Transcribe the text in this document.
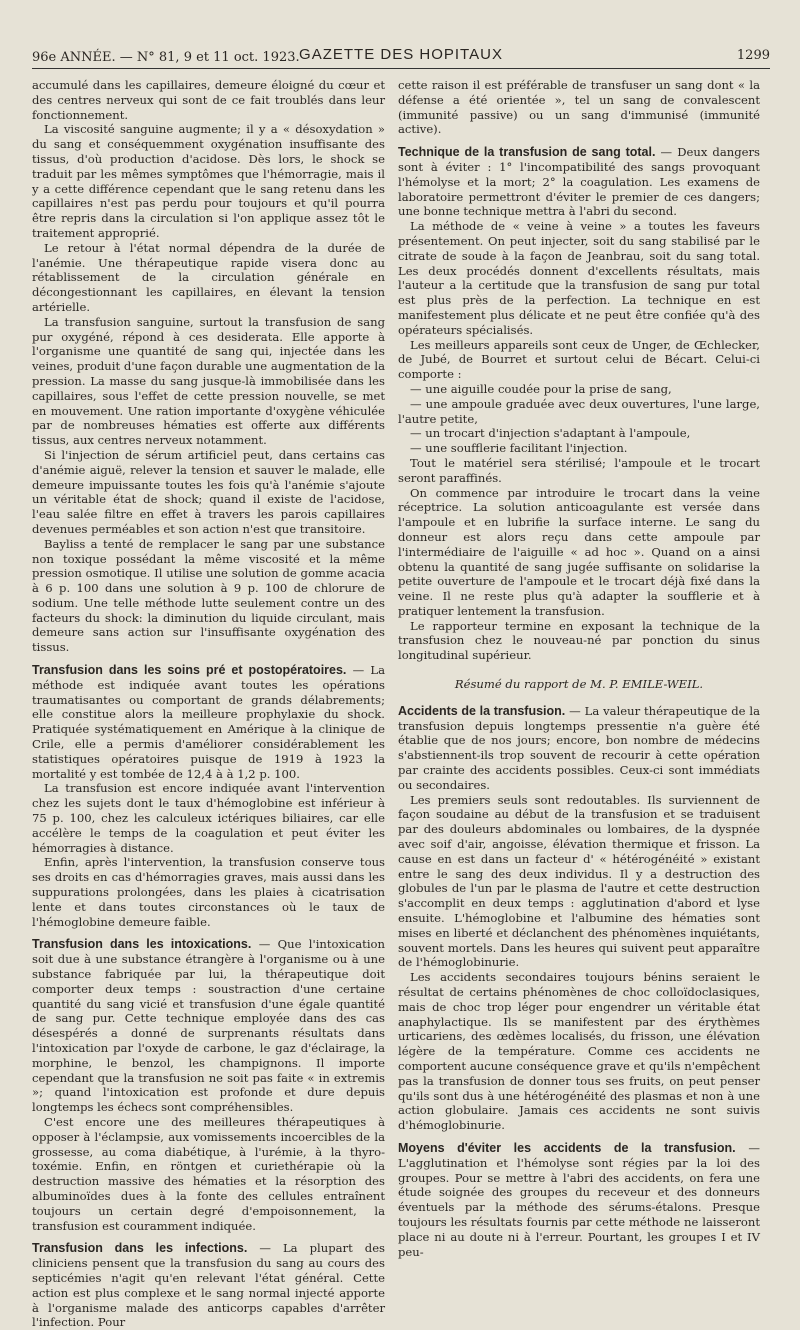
96e ANNÉE. — N° 81, 9 et 11 oct. 1923. GAZETTE DES HOPITAUX	1299

accumulé dans les capillaires, demeure éloigné du cœur et des centres nerveux qui sont de ce fait troublés dans leur fonctionnement.

La viscosité sanguine augmente; il y a « désoxydation » du sang et conséquemment oxygénation insuffisante des tissus, d'où production d'acidose. Dès lors, le shock se traduit par les mêmes symptômes que l'hémorragie, mais il y a cette différence cependant que le sang retenu dans les capillaires n'est pas perdu pour toujours et qu'il pourra être repris dans la circulation si l'on applique assez tôt le traitement approprié.

Le retour à l'état normal dépendra de la durée de l'anémie. Une thérapeutique rapide visera donc au rétablissement de la circulation générale en décongestionnant les capillaires, en élevant la tension artérielle.

La transfusion sanguine, surtout la transfusion de sang pur oxygéné, répond à ces desiderata. Elle apporte à l'organisme une quantité de sang qui, injectée dans les veines, produit d'une façon durable une augmentation de la pression. La masse du sang jusque-là immobilisée dans les capillaires, sous l'effet de cette pression nouvelle, se met en mouvement. Une ration importante d'oxygène véhiculée par de nombreuses hématies est offerte aux différents tissus, aux centres nerveux notamment.

Si l'injection de sérum artificiel peut, dans certains cas d'anémie aiguë, relever la tension et sauver le malade, elle demeure impuissante toutes les fois qu'à l'anémie s'ajoute un véritable état de shock; quand il existe de l'acidose, l'eau salée filtre en effet à travers les parois capillaires devenues perméables et son action n'est que transitoire.

Bayliss a tenté de remplacer le sang par une substance non toxique possédant la même viscosité et la même pression osmotique. Il utilise une solution de gomme acacia à 6 p. 100 dans une solution à 9 p. 100 de chlorure de sodium. Une telle méthode lutte seulement contre un des facteurs du shock: la diminution du liquide circulant, mais demeure sans action sur l'insuffisante oxygénation des tissus.

Transfusion dans les soins pré et postopératoires. — La méthode est indiquée avant toutes les opérations traumatisantes ou comportant de grands délabrements; elle constitue alors la meilleure prophylaxie du shock. Pratiquée systématiquement en Amérique à la clinique de Crile, elle a permis d'améliorer considérablement les statistiques opératoires puisque de 1919 à 1923 la mortalité y est tombée de 12,4 à à 1,2 p. 100.

La transfusion est encore indiquée avant l'intervention chez les sujets dont le taux d'hémoglobine est inférieur à 75 p. 100, chez les calculeux ictériques biliaires, car elle accélère le temps de la coagulation et peut éviter les hémorragies à distance.

Enfin, après l'intervention, la transfusion conserve tous ses droits en cas d'hémorragies graves, mais aussi dans les suppurations prolongées, dans les plaies à cicatrisation lente et dans toutes circonstances où le taux de l'hémoglobine demeure faible.

Transfusion dans les intoxications. — Que l'intoxication soit due à une substance étrangère à l'organisme ou à une substance fabriquée par lui, la thérapeutique doit comporter deux temps : soustraction d'une certaine quantité du sang vicié et transfusion d'une égale quantité de sang pur. Cette technique employée dans des cas désespérés a donné de surprenants résultats dans l'intoxication par l'oxyde de carbone, le gaz d'éclairage, la morphine, le benzol, les champignons. Il importe cependant que la transfusion ne soit pas faite « in extremis »; quand l'intoxication est profonde et dure depuis longtemps les échecs sont compréhensibles.

C'est encore une des meilleures thérapeutiques à opposer à l'éclampsie, aux vomissements incoercibles de la grossesse, au coma diabétique, à l'urémie, à la thyro-toxémie. Enfin, en röntgen et curiethérapie où la destruction massive des hématies et la résorption des albuminoïdes dues à la fonte des cellules entraînent toujours un certain degré d'empoisonnement, la transfusion est couramment indiquée.

Transfusion dans les infections. — La plupart des cliniciens pensent que la transfusion du sang au cours des septicémies n'agit qu'en relevant l'état général. Cette action est plus complexe et le sang normal injecté apporte à l'organisme malade des anticorps capables d'arrêter l'infection. Pour

cette raison il est préférable de transfuser un sang dont « la défense a été orientée », tel un sang de convalescent (immunité passive) ou un sang d'immunisé (immunité active).

Technique de la transfusion de sang total. — Deux dangers sont à éviter : 1° l'incompatibilité des sangs provoquant l'hémolyse et la mort; 2° la coagulation. Les examens de laboratoire permettront d'éviter le premier de ces dangers; une bonne technique mettra à l'abri du second.

La méthode de « veine à veine » a toutes les faveurs présentement. On peut injecter, soit du sang stabilisé par le citrate de soude à la façon de Jeanbrau, soit du sang total. Les deux procédés donnent d'excellents résultats, mais l'auteur a la certitude que la transfusion de sang pur total est plus près de la perfection. La technique en est manifestement plus délicate et ne peut être confiée qu'à des opérateurs spécialisés.

Les meilleurs appareils sont ceux de Unger, de Œchlecker, de Jubé, de Bourret et surtout celui de Bécart. Celui-ci comporte :

— une aiguille coudée pour la prise de sang,
— une ampoule graduée avec deux ouvertures, l'une large, l'autre petite,
— un trocart d'injection s'adaptant à l'ampoule,
— une soufflerie facilitant l'injection.

Tout le matériel sera stérilisé; l'ampoule et le trocart seront paraffinés.

On commence par introduire le trocart dans la veine réceptrice. La solution anticoagulante est versée dans l'ampoule et en lubrifie la surface interne. Le sang du donneur est alors reçu dans cette ampoule par l'intermédiaire de l'aiguille « ad hoc ». Quand on a ainsi obtenu la quantité de sang jugée suffisante on solidarise la petite ouverture de l'ampoule et le trocart déjà fixé dans la veine. Il ne reste plus qu'à adapter la soufflerie et à pratiquer lentement la transfusion.

Le rapporteur termine en exposant la technique de la transfusion chez le nouveau-né par ponction du sinus longitudinal supérieur.

Résumé du rapport de M. P. EMILE-WEIL.

Accidents de la transfusion. — La valeur thérapeutique de la transfusion depuis longtemps pressentie n'a guère été établie que de nos jours; encore, bon nombre de médecins s'abstiennent-ils trop souvent de recourir à cette opération par crainte des accidents possibles. Ceux-ci sont immédiats ou secondaires.

Les premiers seuls sont redoutables. Ils surviennent de façon soudaine au début de la transfusion et se traduisent par des douleurs abdominales ou lombaires, de la dyspnée avec soif d'air, angoisse, élévation thermique et frisson. La cause en est dans un facteur d' « hétérogénéité » existant entre le sang des deux individus. Il y a destruction des globules de l'un par le plasma de l'autre et cette destruction s'accomplit en deux temps : agglutination d'abord et lyse ensuite. L'hémoglobine et l'albumine des hématies sont mises en liberté et déclanchent des phénomènes inquiétants, souvent mortels. Dans les heures qui suivent peut apparaître de l'hémoglobinurie.

Les accidents secondaires toujours bénins seraient le résultat de certains phénomènes de choc colloïdoclasiques, mais de choc trop léger pour engendrer un véritable état anaphylactique. Ils se manifestent par des érythèmes urticariens, des œdèmes localisés, du frisson, une élévation légère de la température. Comme ces accidents ne comportent aucune conséquence grave et qu'ils n'empêchent pas la transfusion de donner tous ses fruits, on peut penser qu'ils sont dus à une hétérogénéité des plasmas et non à une action globulaire. Jamais ces accidents ne sont suivis d'hémoglobinurie.

Moyens d'éviter les accidents de la transfusion. — L'agglutination et l'hémolyse sont régies par la loi des groupes. Pour se mettre à l'abri des accidents, on fera une étude soignée des groupes du receveur et des donneurs éventuels par la méthode des sérums-étalons. Presque toujours les résultats fournis par cette méthode ne laisseront place ni au doute ni à l'erreur. Pourtant, les groupes I et IV peu-
